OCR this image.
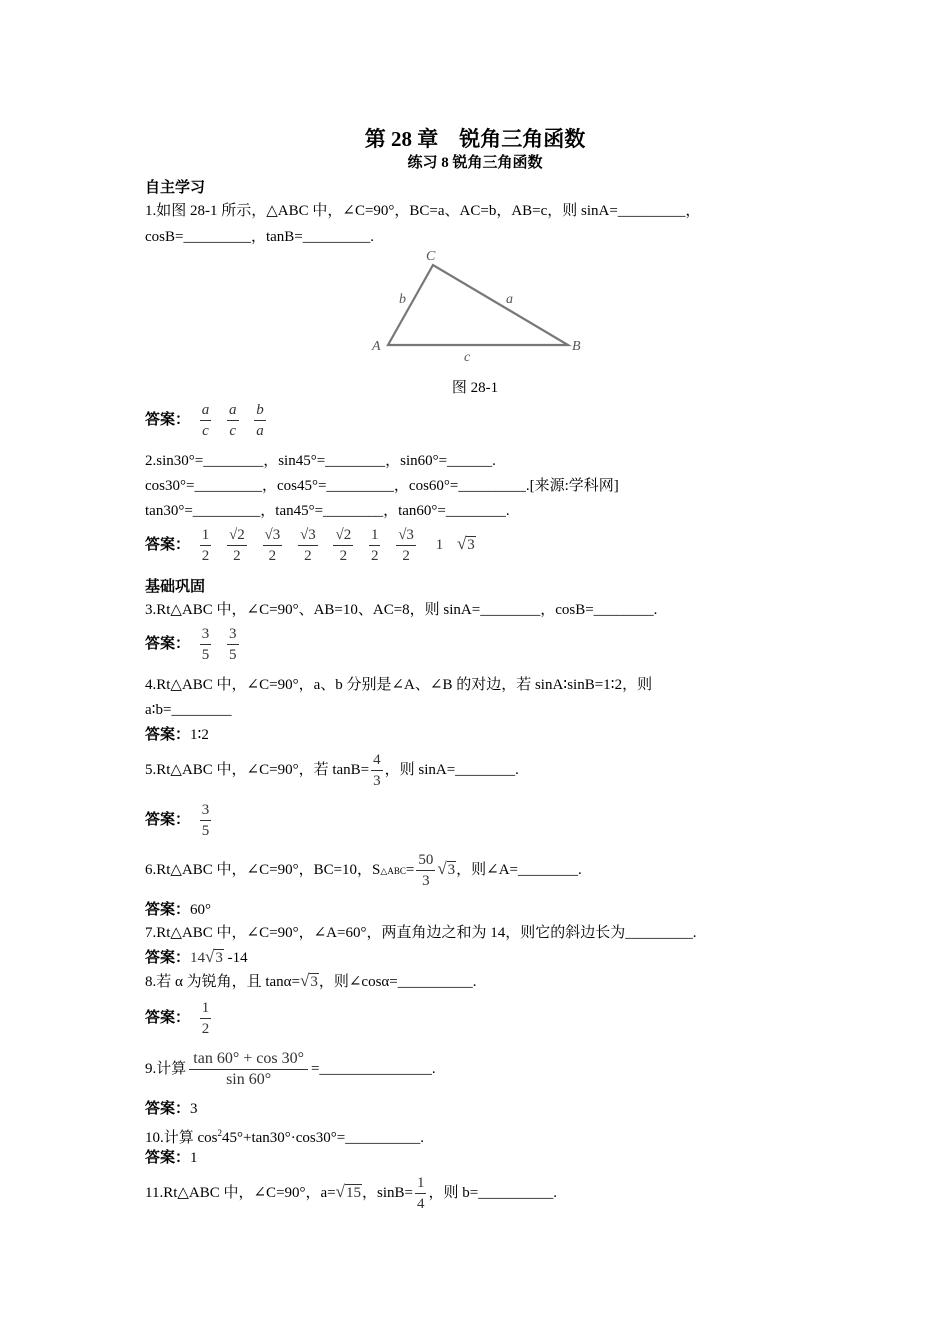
第 28 章　锐角三角函数
练习 8 锐角三角函数
自主学习
1.如图 28-1 所示，△ABC 中，∠C=90°，BC=a、AC=b，AB=c，则 sinA=_________，
cosB=_________，tanB=_________.
A
C
B
b	a
c
图 28-1
答案： $\frac{a}{c}$
$\frac{a}{c}$
$\frac{b}{a}$
2.sin30°=________，sin45°=________，sin60°=______.
cos30°=_________，cos45°=_________，cos60°=_________.[来源:学科网]
tan30°=_________，tan45°=________，tan60°=________.
答案： $\frac{1}{2}$
$\frac{√2}{2}$
$\frac{√3}{2}$
$\frac{√3}{2}$
$\frac{√2}{2}$
$\frac{1}{2}$
$\frac{√3}{2} 1$ √3
基础巩固
3.Rt△ABC 中，∠C=90°、AB=10、AC=8，则 sinA=________，cosB=________.
答案： $\frac{3}{5}$
$\frac{3}{5}$
4.Rt△ABC 中，∠C=90°，a、b 分别是∠A、∠B 的对边，若 sinA∶sinB=1∶2，则
a∶b=________
答案：1∶2
5.Rt△ABC 中，∠C=90°，若 $\tan B= \frac{4}{3}$ ，则 sinA=________.
答案： $\frac{3}{5}$
6.Rt△ABC 中，∠C=90°，BC=10，S△ABC= $\frac{50}{3} √3$，则∠A=________.
答案：60°
7.Rt△ABC 中，∠C=90°，∠A=60°，两直角边之和为 14，则它的斜边长为_________.
答案：14√3 -14
8.若 α 为锐角，且 tanα=√3，则∠cosα=__________.
答案： $\frac{1}{2}$
9.计算 $\frac{\tan 60^\circ + \cos 30^\circ}{\sin 60^\circ}$ =_______________.
答案：3
10.计算 $\cos^245^\circ+\tan 30^\circ\cdot\cos 30^\circ=\_\_\_\_\_\_\_\_\_\_$.
答案：1
11.Rt△ABC 中，∠C=90°，a=√15，$\sin B= \frac{1}{4}$ ，则 b=__________.
